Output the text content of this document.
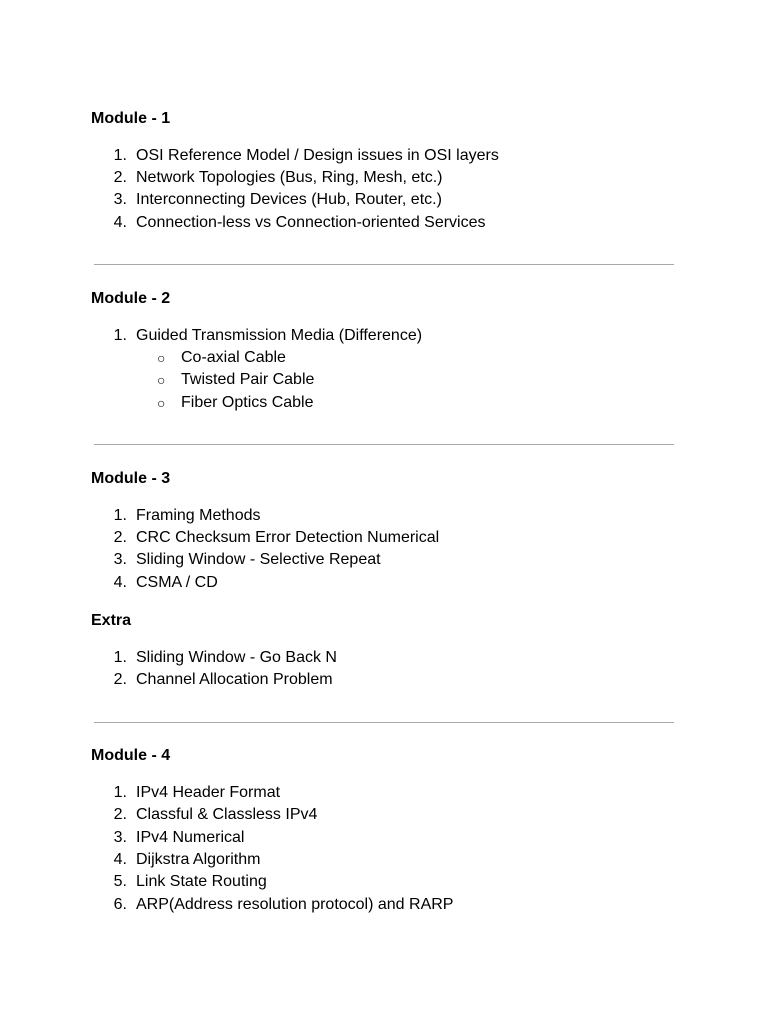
Module - 1
1. OSI Reference Model / Design issues in OSI layers
2. Network Topologies (Bus, Ring, Mesh, etc.)
3. Interconnecting Devices (Hub, Router, etc.)
4. Connection-less vs Connection-oriented Services
Module - 2
1. Guided Transmission Media (Difference)
○ Co-axial Cable
○ Twisted Pair Cable
○ Fiber Optics Cable
Module - 3
1. Framing Methods
2. CRC Checksum Error Detection Numerical
3. Sliding Window - Selective Repeat
4. CSMA / CD
Extra
1. Sliding Window - Go Back N
2. Channel Allocation Problem
Module - 4
1. IPv4 Header Format
2. Classful & Classless IPv4
3. IPv4 Numerical
4. Dijkstra Algorithm
5. Link State Routing
6. ARP(Address resolution protocol) and RARP
